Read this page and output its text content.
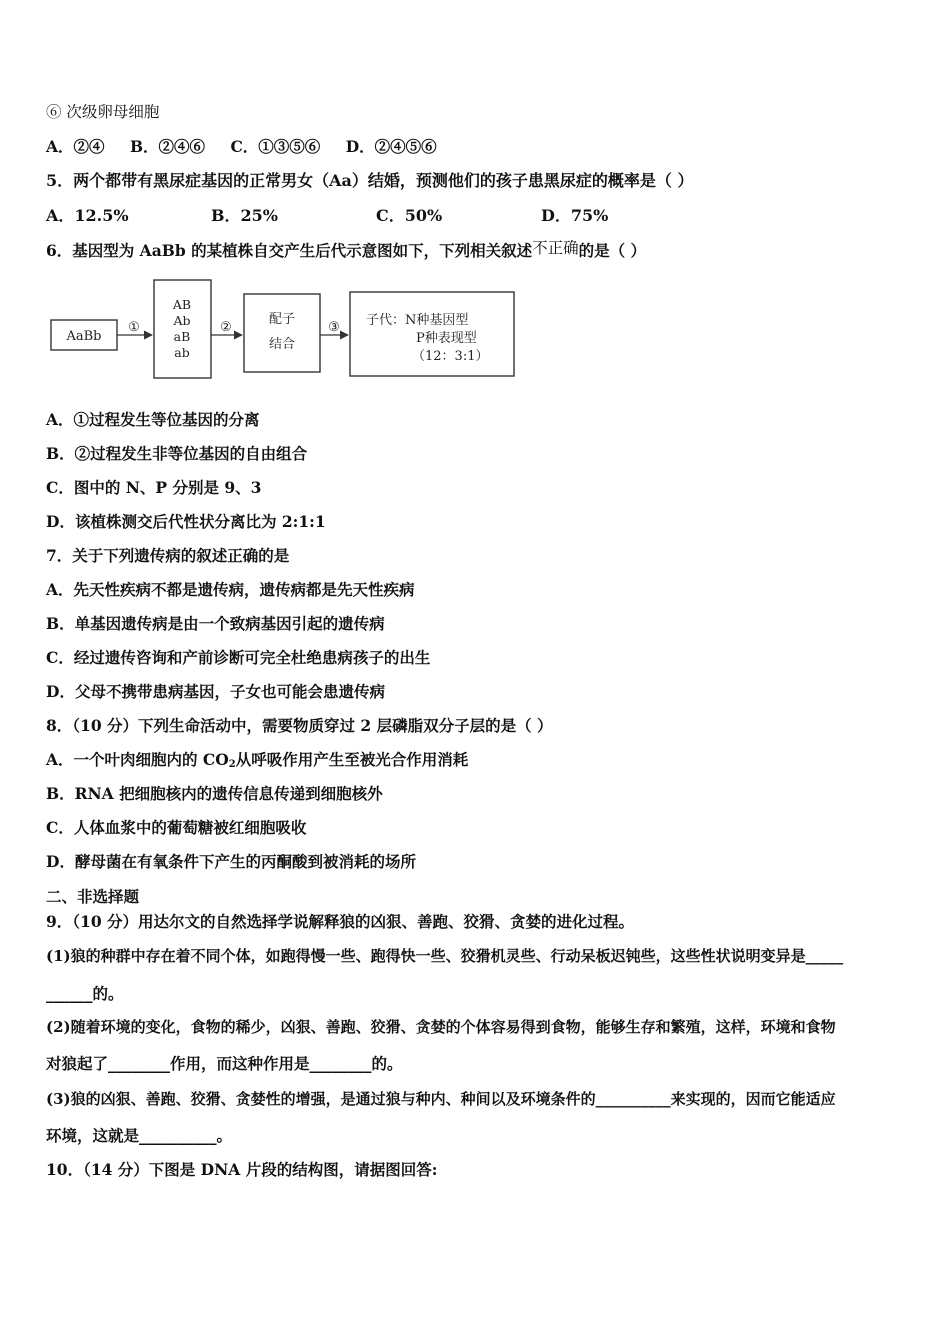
⑥ 次级卵母细胞
A．②④ B．②④⑥ C．①③⑤⑥ D．②④⑤⑥
5．两个都带有黑尿症基因的正常男女（Aa）结婚，预测他们的孩子患黑尿症的概率是（ ）
A．12.5%	B．25%	C．50%	D．75%
6．基因型为 AaBb 的某植株自交产生后代示意图如下，下列相关叙述不正确的是（ ）
AaBb
①
AB
Ab
aB
ab
②
配子
结合
③ 子代：N种基因型
P种表现型
（12：3:1）
A．①过程发生等位基因的分离
B．②过程发生非等位基因的自由组合
C．图中的 N、P 分别是 9、3
D．该植株测交后代性状分离比为 2:1:1
7．关于下列遗传病的叙述正确的是
A．先天性疾病不都是遗传病，遗传病都是先天性疾病
B．单基因遗传病是由一个致病基因引起的遗传病
C．经过遗传咨询和产前诊断可完全杜绝患病孩子的出生
D．父母不携带患病基因，子女也可能会患遗传病
8．（10 分）下列生命活动中，需要物质穿过 2 层磷脂双分子层的是（ ）
A．一个叶肉细胞内的 $CO_2$从呼吸作用产生至被光合作用消耗
B．RNA 把细胞核内的遗传信息传递到细胞核外
C．人体血浆中的葡萄糖被红细胞吸收
D．酵母菌在有氧条件下产生的丙酮酸到被消耗的场所
二、非选择题
9．（10 分）用达尔文的自然选择学说解释狼的凶狠、善跑、狡猾、贪婪的进化过程。
(1)狼的种群中存在着不同个体，如跑得慢一些、跑得快一些、狡猾机灵些、行动呆板迟钝些，这些性状说明变异是_____
______的。
(2)随着环境的变化，食物的稀少，凶狠、善跑、狡猾、贪婪的个体容易得到食物，能够生存和繁殖，这样，环境和食物
对狼起了________作用，而这种作用是________的。
(3)狼的凶狠、善跑、狡猾、贪婪性的增强，是通过狼与种内、种间以及环境条件的__________来实现的，因而它能适应
环境，这就是__________。
10．（14 分）下图是 DNA 片段的结构图，请据图回答:
